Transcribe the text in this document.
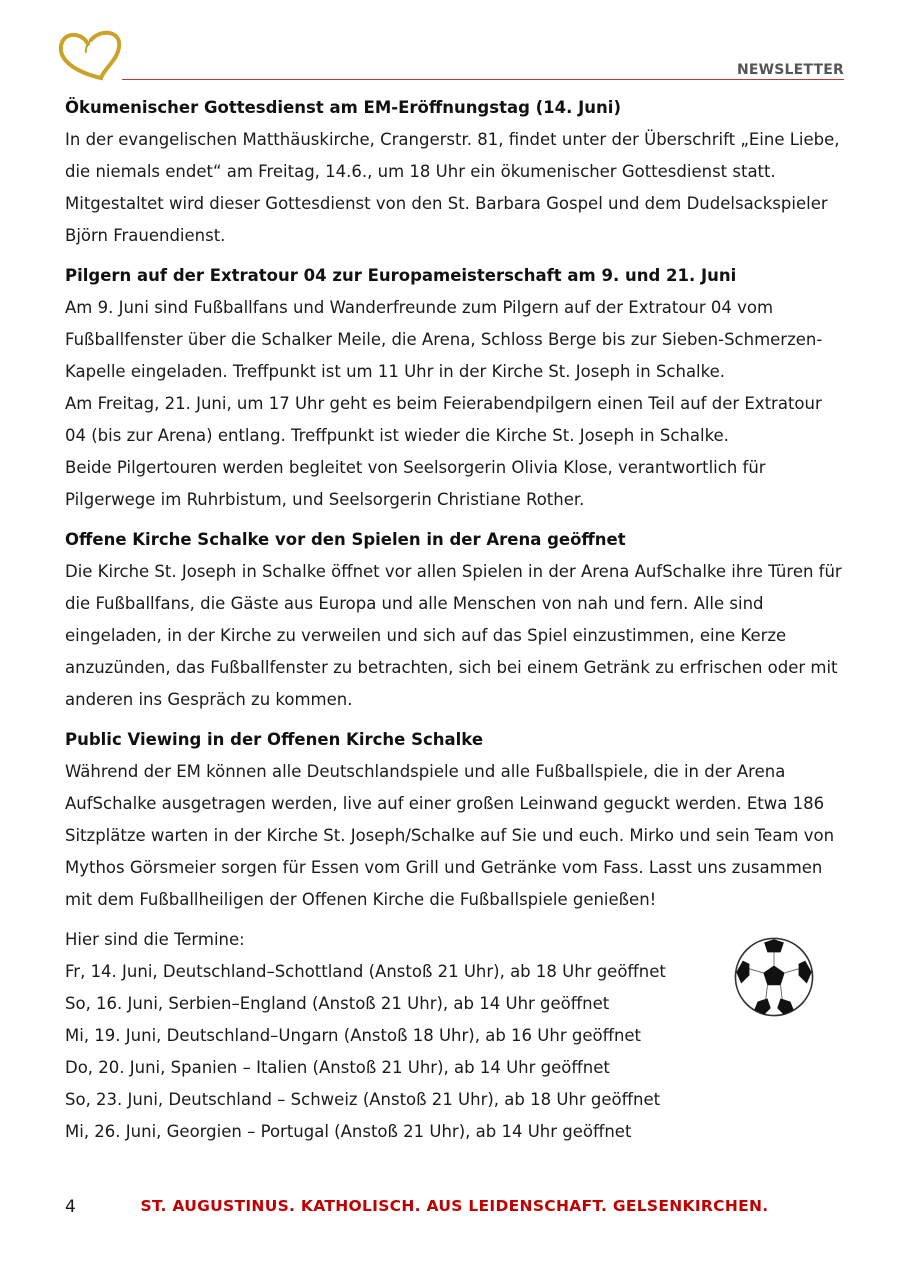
NEWSLETTER

Ökumenischer Gottesdienst am EM-Eröffnungstag (14. Juni)

In der evangelischen Matthäuskirche, Crangerstr. 81, findet unter der Überschrift „Eine Liebe, die niemals endet“ am Freitag, 14.6., um 18 Uhr ein ökumenischer Gottesdienst statt. Mitgestaltet wird dieser Gottesdienst von den St. Barbara Gospel und dem Dudelsackspieler Björn Frauendienst.

Pilgern auf der Extratour 04 zur Europameisterschaft am 9. und 21. Juni

Am 9. Juni sind Fußballfans und Wanderfreunde zum Pilgern auf der Extratour 04 vom Fußballfenster über die Schalker Meile, die Arena, Schloss Berge bis zur Sieben-Schmerzen-Kapelle eingeladen. Treffpunkt ist um 11 Uhr in der Kirche St. Joseph in Schalke.

Am Freitag, 21. Juni, um 17 Uhr geht es beim Feierabendpilgern einen Teil auf der Extratour 04 (bis zur Arena) entlang. Treffpunkt ist wieder die Kirche St. Joseph in Schalke.

Beide Pilgertouren werden begleitet von Seelsorgerin Olivia Klose, verantwortlich für Pilgerwege im Ruhrbistum, und Seelsorgerin Christiane Rother.

Offene Kirche Schalke vor den Spielen in der Arena geöffnet

Die Kirche St. Joseph in Schalke öffnet vor allen Spielen in der Arena AufSchalke ihre Türen für die Fußballfans, die Gäste aus Europa und alle Menschen von nah und fern. Alle sind eingeladen, in der Kirche zu verweilen und sich auf das Spiel einzustimmen, eine Kerze anzuzünden, das Fußballfenster zu betrachten, sich bei einem Getränk zu erfrischen oder mit anderen ins Gespräch zu kommen.

Public Viewing in der Offenen Kirche Schalke

Während der EM können alle Deutschlandspiele und alle Fußballspiele, die in der Arena AufSchalke ausgetragen werden, live auf einer großen Leinwand geguckt werden. Etwa 186 Sitzplätze warten in der Kirche St. Joseph/Schalke auf Sie und euch. Mirko und sein Team von Mythos Görsmeier sorgen für Essen vom Grill und Getränke vom Fass. Lasst uns zusammen mit dem Fußballheiligen der Offenen Kirche die Fußballspiele genießen!

Hier sind die Termine:

Fr, 14. Juni, Deutschland–Schottland (Anstoß 21 Uhr), ab 18 Uhr geöffnet
So, 16. Juni, Serbien–England (Anstoß 21 Uhr), ab 14 Uhr geöffnet
Mi, 19. Juni, Deutschland–Ungarn (Anstoß 18 Uhr), ab 16 Uhr geöffnet
Do, 20. Juni, Spanien – Italien (Anstoß 21 Uhr), ab 14 Uhr geöffnet
So, 23. Juni, Deutschland – Schweiz (Anstoß 21 Uhr), ab 18 Uhr geöffnet
Mi, 26. Juni, Georgien – Portugal (Anstoß 21 Uhr), ab 14 Uhr geöffnet
4	ST. AUGUSTINUS. KATHOLISCH. AUS LEIDENSCHAFT. GELSENKIRCHEN.
